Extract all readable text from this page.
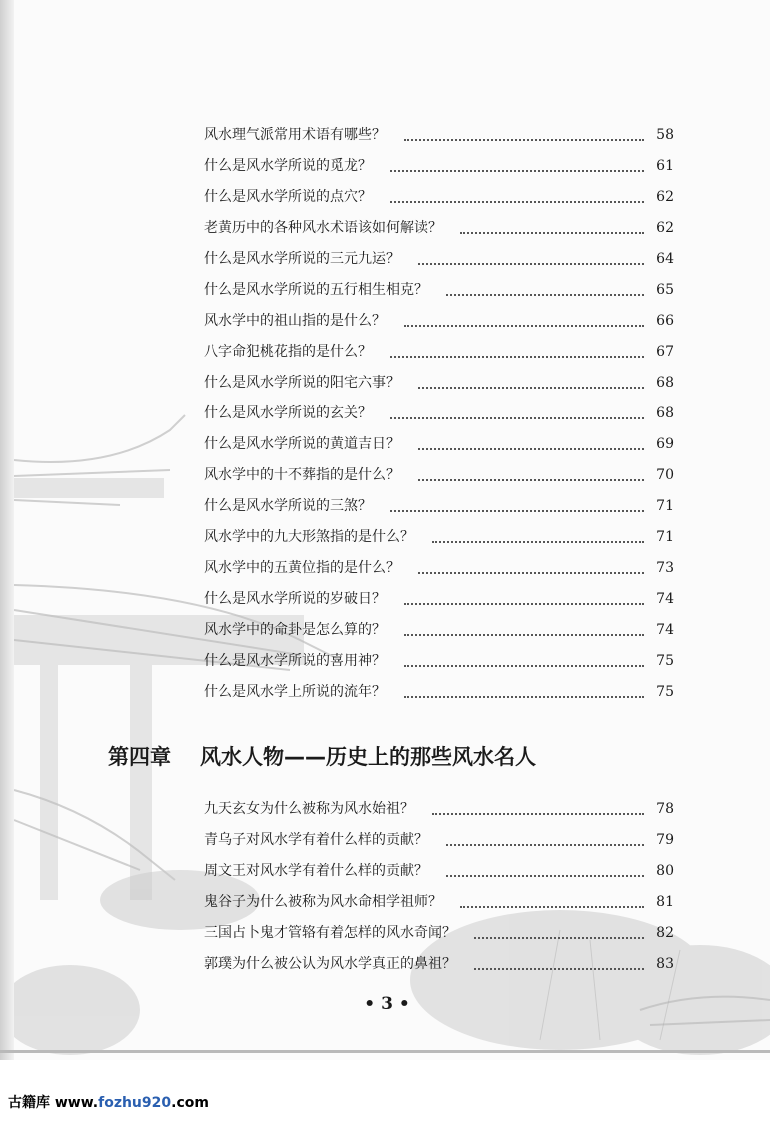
风水理气派常用术语有哪些？	58
什么是风水学所说的觅龙？	61
什么是风水学所说的点穴？	62
老黄历中的各种风水术语该如何解读？	62
什么是风水学所说的三元九运？	64
什么是风水学所说的五行相生相克？	65
风水学中的祖山指的是什么？	66
八字命犯桃花指的是什么？	67
什么是风水学所说的阳宅六事？	68
什么是风水学所说的玄关？	68
什么是风水学所说的黄道吉日？	69
风水学中的十不葬指的是什么？	70
什么是风水学所说的三煞？	71
风水学中的九大形煞指的是什么？	71
风水学中的五黄位指的是什么？	73
什么是风水学所说的岁破日？	74
风水学中的命卦是怎么算的？	74
什么是风水学所说的喜用神？	75
什么是风水学上所说的流年？	75
第四章 风水人物——历史上的那些风水名人
九天玄女为什么被称为风水始祖？	78
青乌子对风水学有着什么样的贡献？	79
周文王对风水学有着什么样的贡献？	80
鬼谷子为什么被称为风水命相学祖师？	81
三国占卜鬼才管辂有着怎样的风水奇闻？	82
郭璞为什么被公认为风水学真正的鼻祖？	83
• 3 •
古籍库 www.fozhu920.com
